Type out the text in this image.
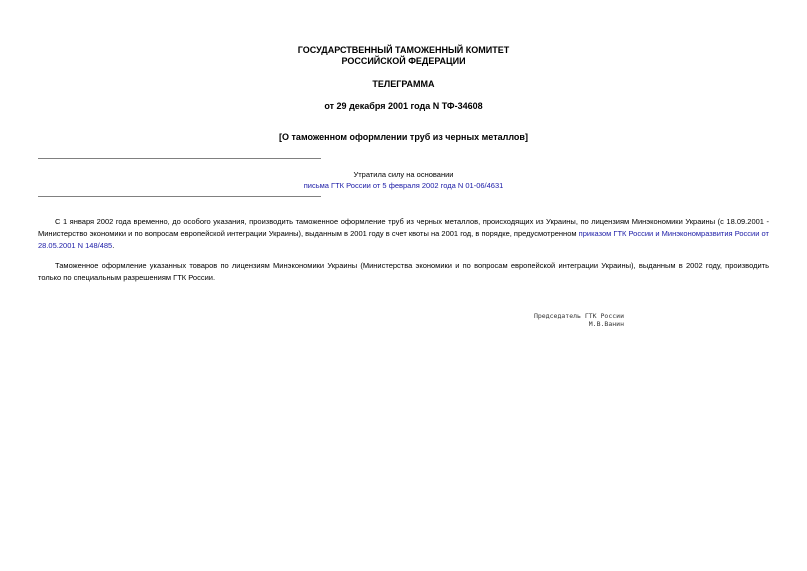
ГОСУДАРСТВЕННЫЙ ТАМОЖЕННЫЙ КОМИТЕТ
РОССИЙСКОЙ ФЕДЕРАЦИИ
ТЕЛЕГРАММА
от 29 декабря 2001 года N ТФ-34608
[О таможенном оформлении труб из черных металлов]
Утратила силу на основании
письма ГТК России от 5 февраля 2002 года N 01-06/4631

С 1 января 2002 года временно, до особого указания, производить таможенное оформление труб из черных металлов, происходящих из Украины, по лицензиям Минэкономики Украины (с 18.09.2001 - Министерство экономики и по вопросам европейской интеграции Украины), выданным в 2001 году в счет квоты на 2001 год, в порядке, предусмотренном приказом ГТК России и Минэкономразвития России от 28.05.2001 N 148/485.

Таможенное оформление указанных товаров по лицензиям Минэкономики Украины (Министерства экономики и по вопросам европейской интеграции Украины), выданным в 2002 году, производить только по специальным разрешениям ГТК России.

Председатель ГТК России
М.В.Ванин
